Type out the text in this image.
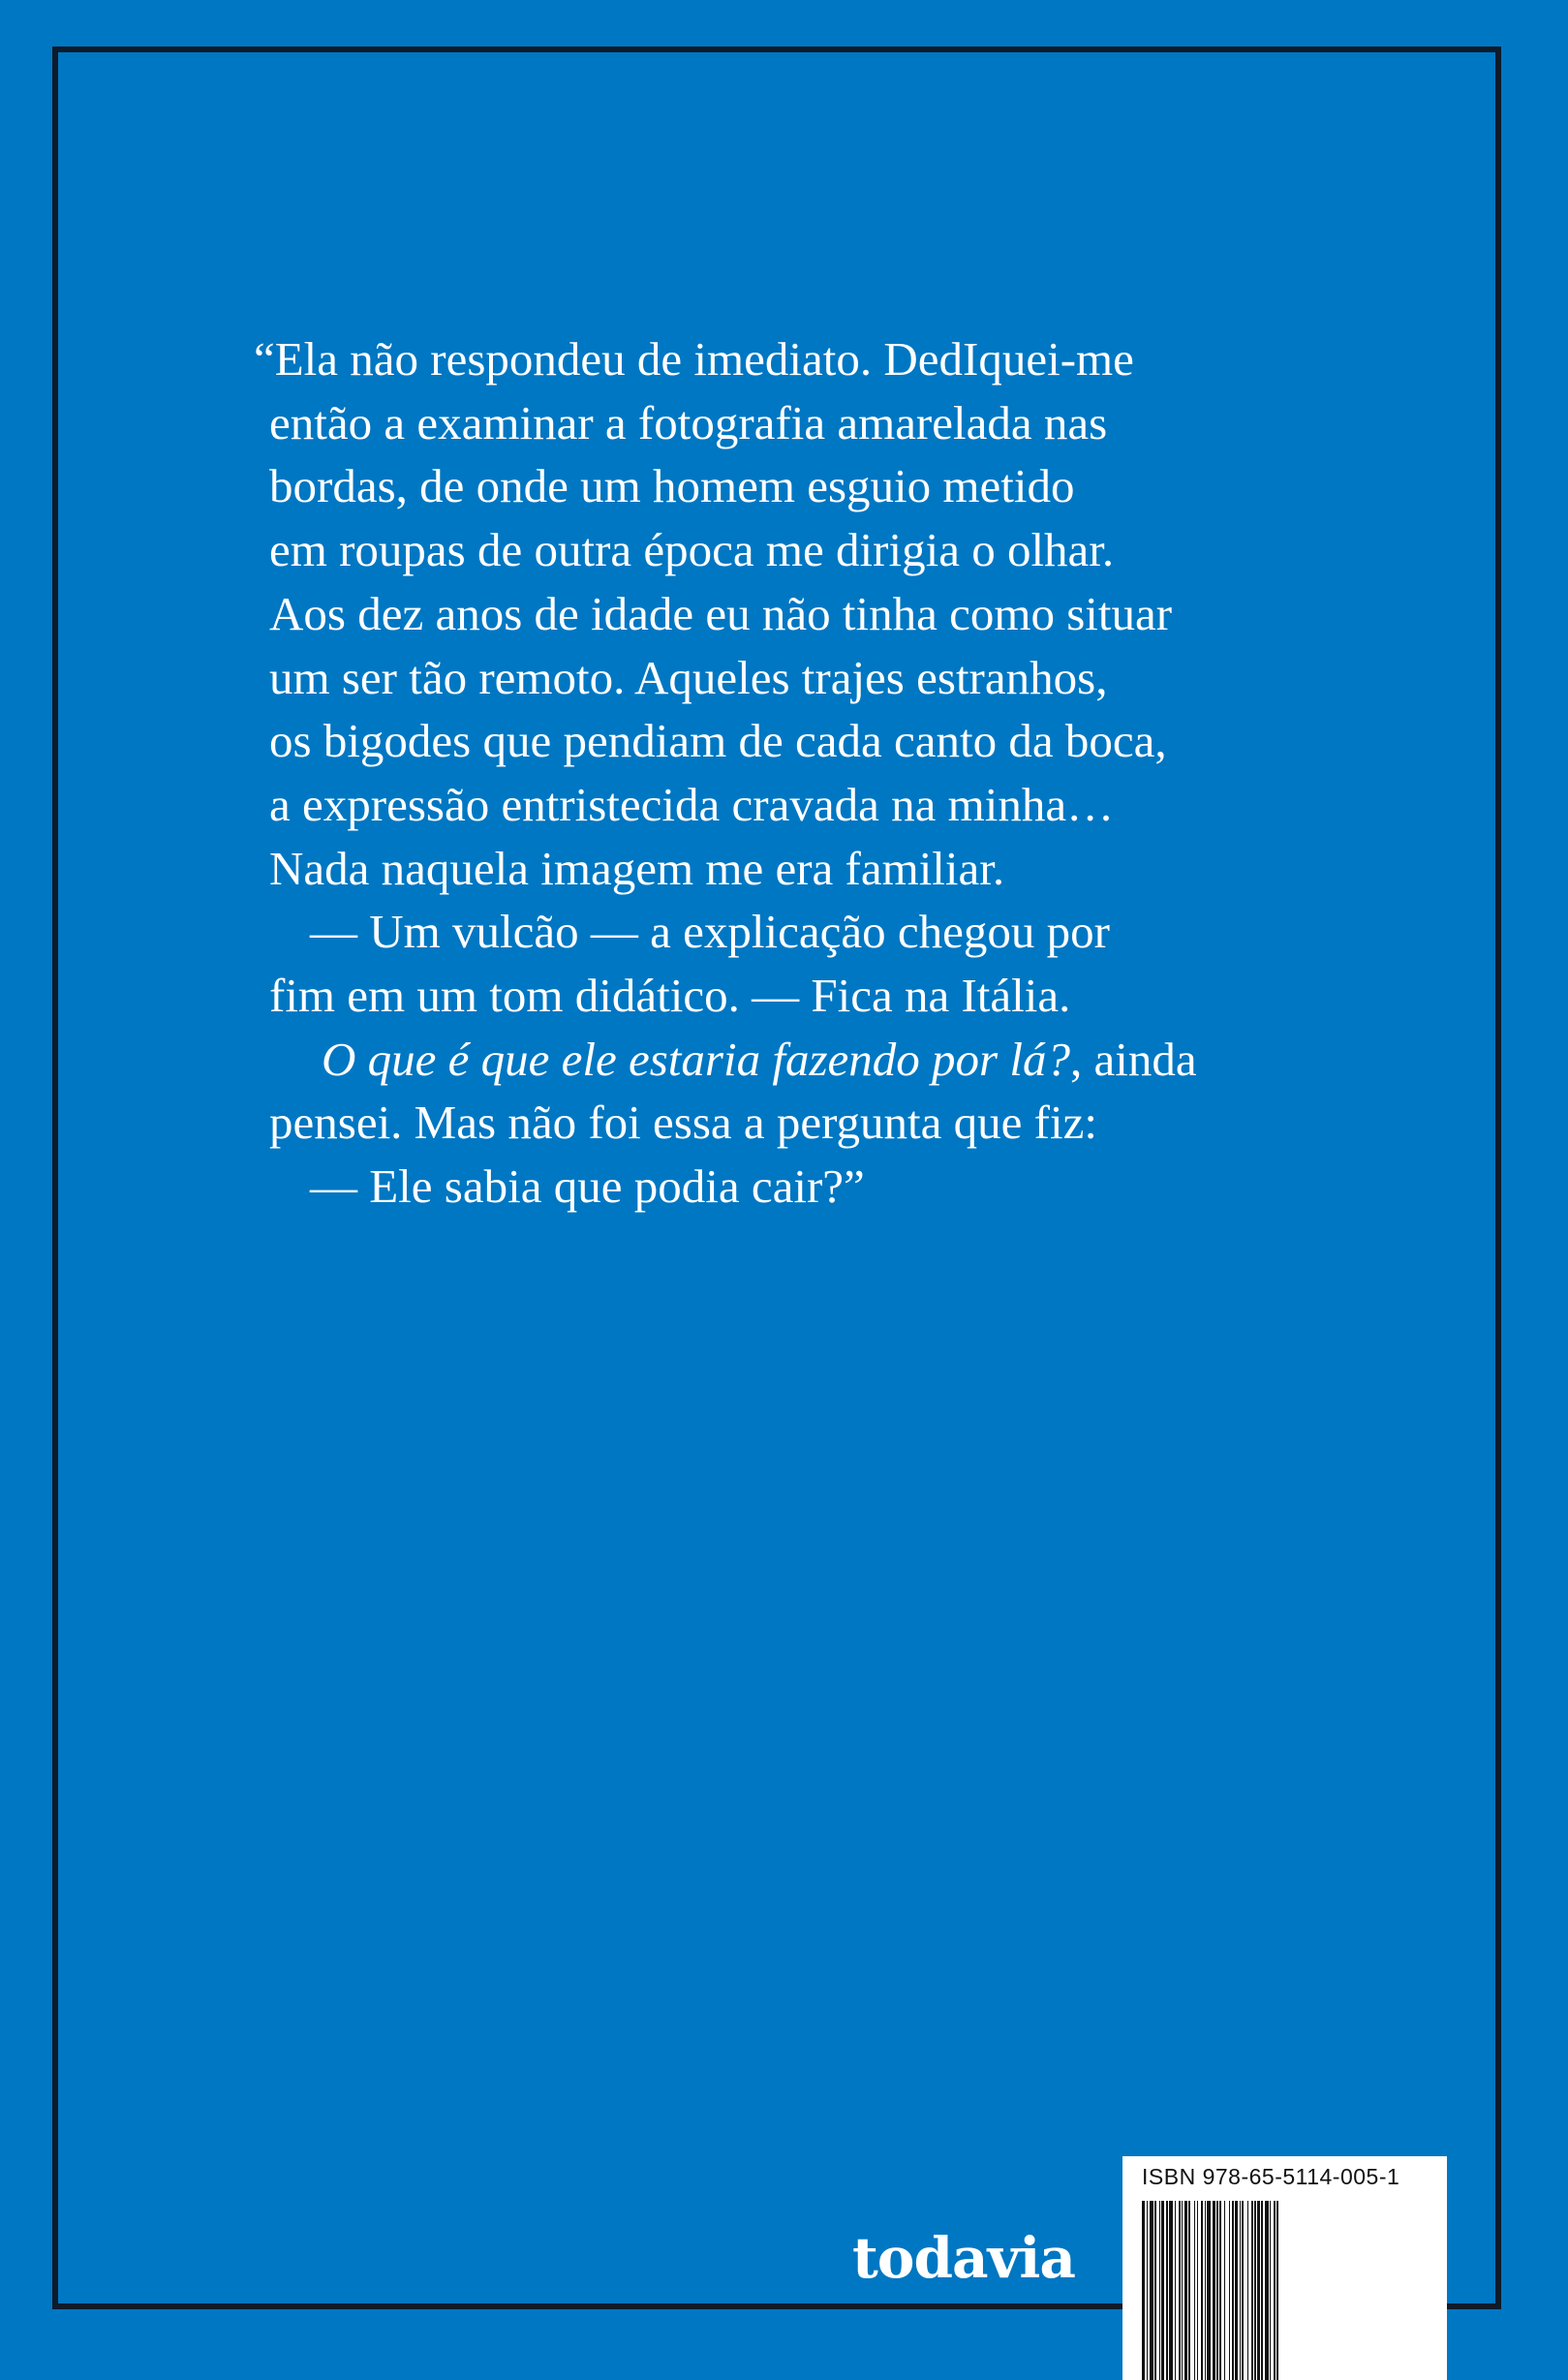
“Ela não respondeu de imediato. DedIquei-me
então a examinar a fotografia amarelada nas
bordas, de onde um homem esguio metido
em roupas de outra época me dirigia o olhar.
Aos dez anos de idade eu não tinha como situar
um ser tão remoto. Aqueles trajes estranhos,
os bigodes que pendiam de cada canto da boca,
a expressão entristecida cravada na minha…
Nada naquela imagem me era familiar.
— Um vulcão — a explicação chegou por
fim em um tom didático. — Fica na Itália.
O que é que ele estaria fazendo por lá?, ainda
pensei. Mas não foi essa a pergunta que fiz:
— Ele sabia que podia cair?”

todavia
ISBN 978-65-5114-005-1
